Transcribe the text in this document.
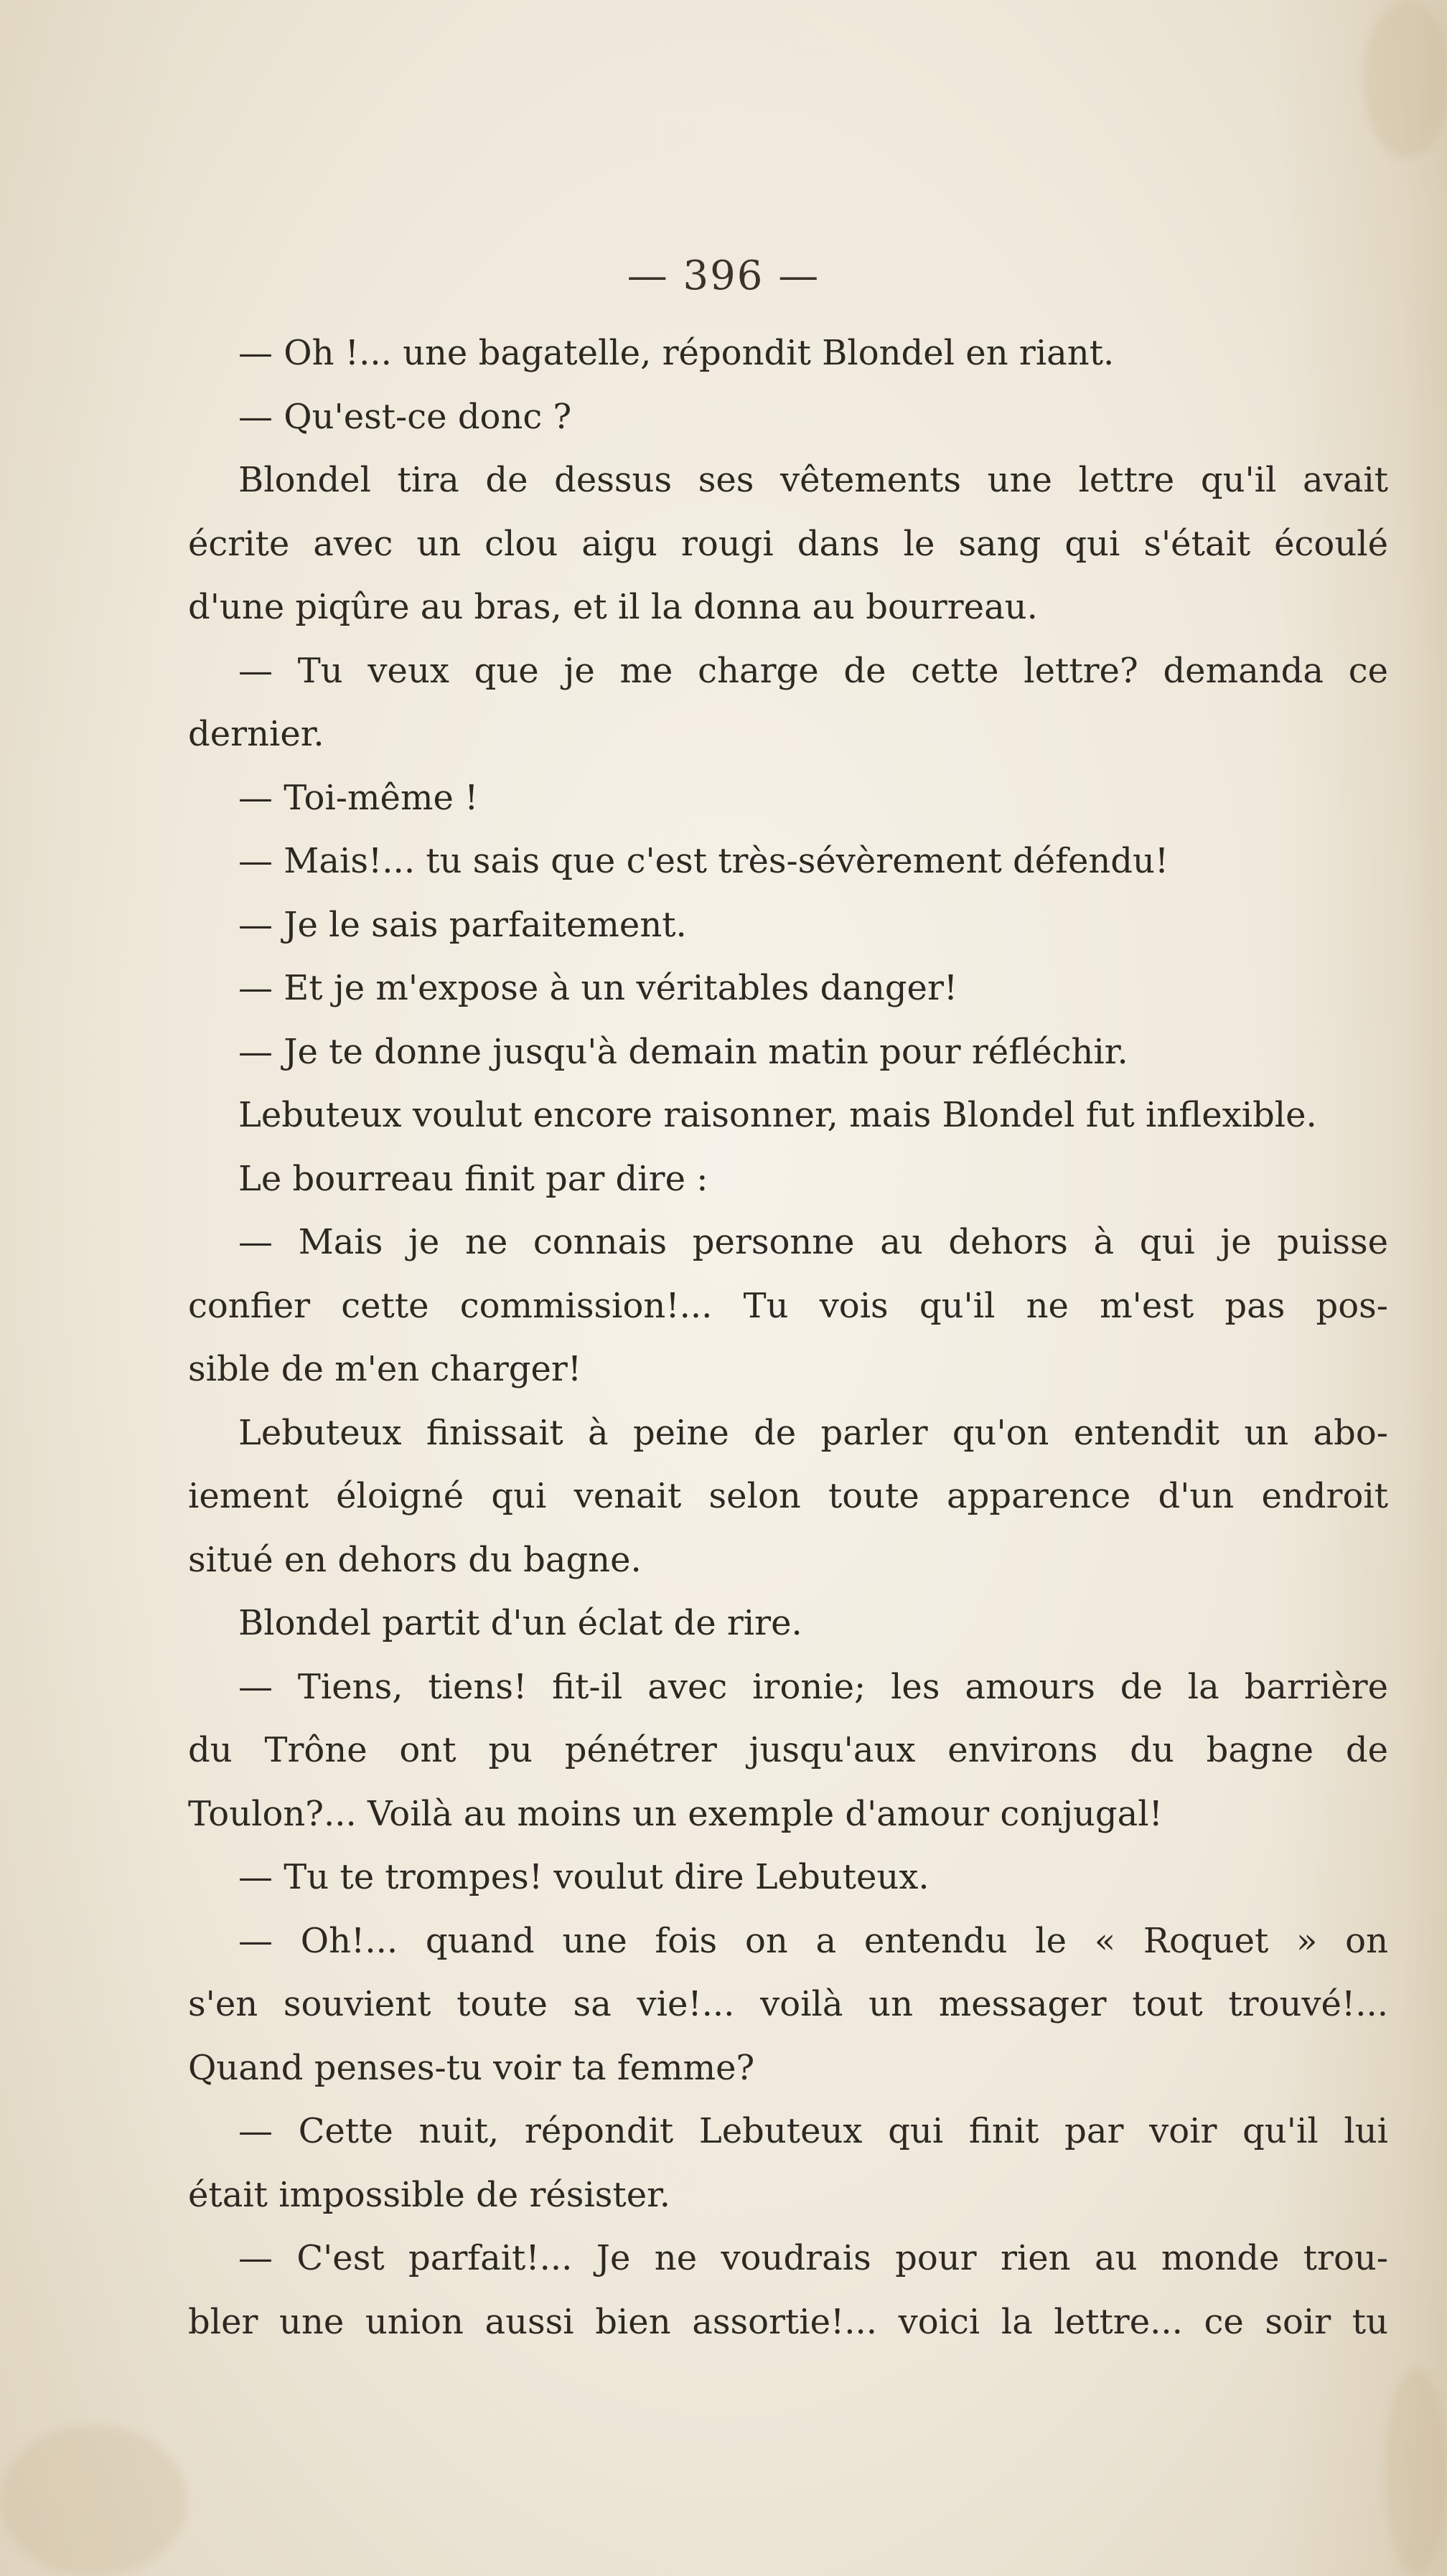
— 396 —
— Oh !... une bagatelle, répondit Blondel en riant.
— Qu'est-ce donc ?
Blondel tira de dessus ses vêtements une lettre qu'il avait
écrite avec un clou aigu rougi dans le sang qui s'était écoulé
d'une piqûre au bras, et il la donna au bourreau.
— Tu veux que je me charge de cette lettre? demanda ce
dernier.
— Toi-même !
— Mais!... tu sais que c'est très-sévèrement défendu!
— Je le sais parfaitement.
— Et je m'expose à un véritables danger!
— Je te donne jusqu'à demain matin pour réfléchir.
Lebuteux voulut encore raisonner, mais Blondel fut inflexible.
Le bourreau finit par dire :
— Mais je ne connais personne au dehors à qui je puisse
confier cette commission!... Tu vois qu'il ne m'est pas pos-
sible de m'en charger!
Lebuteux finissait à peine de parler qu'on entendit un abo-
iement éloigné qui venait selon toute apparence d'un endroit
situé en dehors du bagne.
Blondel partit d'un éclat de rire.
— Tiens, tiens! fit-il avec ironie; les amours de la barrière
du Trône ont pu pénétrer jusqu'aux environs du bagne de
Toulon?... Voilà au moins un exemple d'amour conjugal!
— Tu te trompes! voulut dire Lebuteux.
— Oh!... quand une fois on a entendu le « Roquet » on
s'en souvient toute sa vie!... voilà un messager tout trouvé!...
Quand penses-tu voir ta femme?
— Cette nuit, répondit Lebuteux qui finit par voir qu'il lui
était impossible de résister.
— C'est parfait!... Je ne voudrais pour rien au monde trou-
bler une union aussi bien assortie!... voici la lettre... ce soir tu
